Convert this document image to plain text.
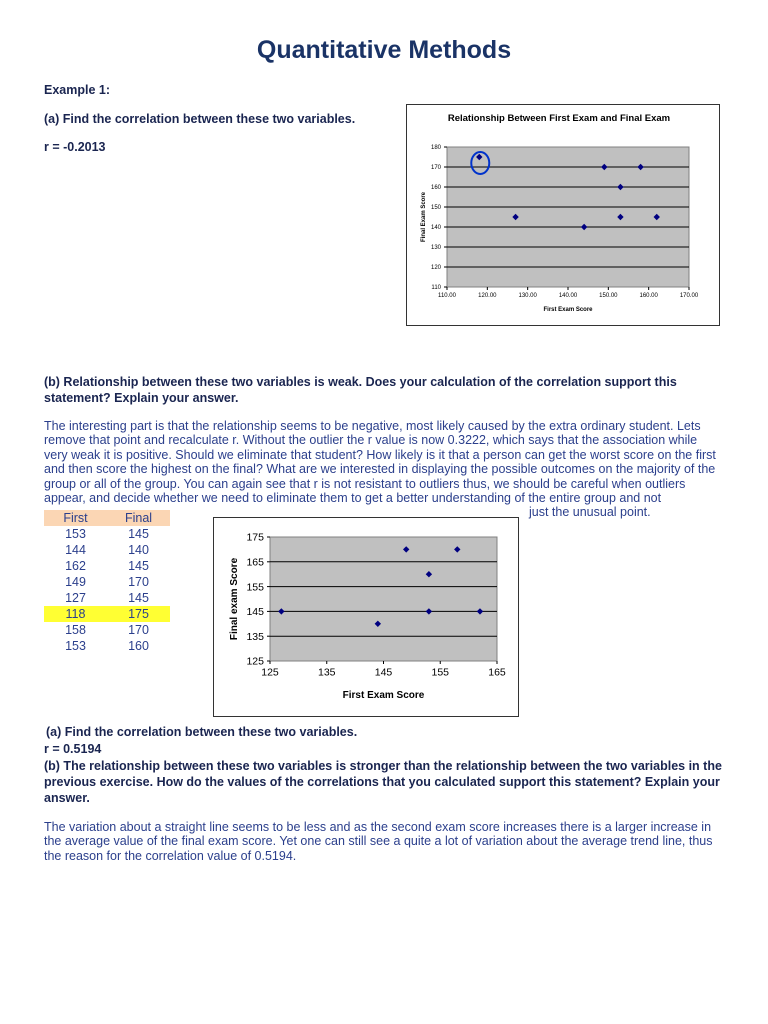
Quantitative Methods
Example 1:
(a) Find the correlation between these two variables.
r = -0.2013
Relationship Between First Exam and Final Exam
110
120
130
140
150
160
170
180
110.00	120.00	130.00	140.00	150.00	160.00	170.00
First Exam Score
Final Exam Score
(b) Relationship between these two variables is weak. Does your calculation of the correlation support this statement? Explain your answer.
The interesting part is that the relationship seems to be negative, most likely caused by the extra ordinary student. Lets remove that point and recalculate r. Without the outlier the r value is now 0.3222, which says that the association while very weak it is positive. Should we eliminate that student? How likely is it that a person can get the worst score on the first and then score the highest on the final? What are we interested in displaying the possible outcomes on the majority of the group or all of the group. You can again see that r is not resistant to outliers thus, we should be careful when outliers appear, and decide whether we need to eliminate them to get a better understanding of the entire group and not
just the unusual point.
First	Final
153	145
144	140
162	145
149	170
127	145
118	175
158	170
153	160
125
135
145
155
165
175
125	135	145	155	165
First Exam Score
Final exam Score
(a) Find the correlation between these two variables.
r = 0.5194
(b) The relationship between these two variables is stronger than the relationship between the two variables in the previous exercise. How do the values of the correlations that you calculated support this statement? Explain your answer.
The variation about a straight line seems to be less and as the second exam score increases there is a larger increase in the average value of the final exam score. Yet one can still see a quite a lot of variation about the average trend line, thus the reason for the correlation value of 0.5194.
